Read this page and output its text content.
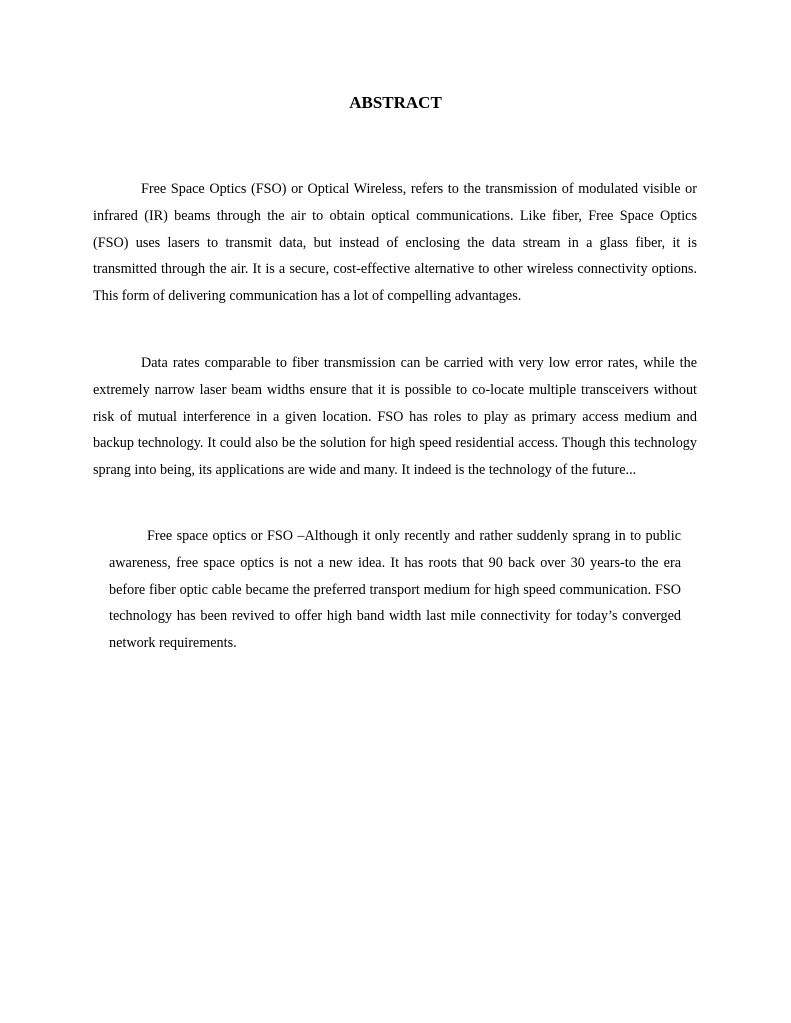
ABSTRACT

Free Space Optics (FSO) or Optical Wireless, refers to the transmission of modulated visible or infrared (IR) beams through the air to obtain optical communications. Like fiber, Free Space Optics (FSO) uses lasers to transmit data, but instead of enclosing the data stream in a glass fiber, it is transmitted through the air. It is a secure, cost-effective alternative to other wireless connectivity options. This form of delivering communication has a lot of compelling advantages.

Data rates comparable to fiber transmission can be carried with very low error rates, while the extremely narrow laser beam widths ensure that it is possible to co-locate multiple transceivers without risk of mutual interference in a given location. FSO has roles to play as primary access medium and backup technology. It could also be the solution for high speed residential access. Though this technology sprang into being, its applications are wide and many. It indeed is the technology of the future...

Free space optics or FSO –Although it only recently and rather suddenly sprang in to public awareness, free space optics is not a new idea. It has roots that 90 back over 30 years-to the era before fiber optic cable became the preferred transport medium for high speed communication. FSO technology has been revived to offer high band width last mile connectivity for today’s converged network requirements.
